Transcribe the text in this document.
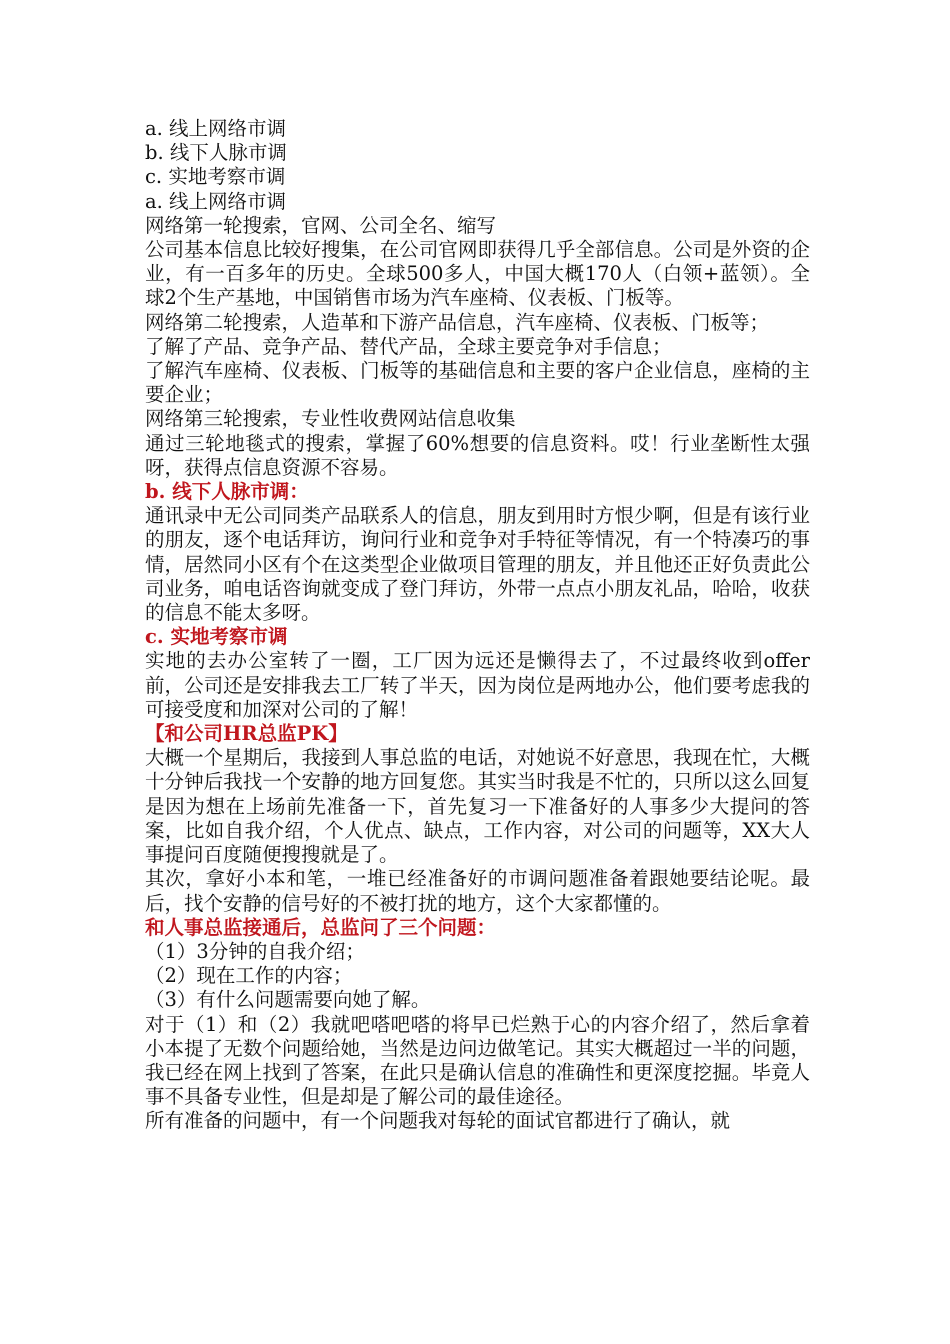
a. 线上网络市调

b. 线下人脉市调

c. 实地考察市调

a. 线上网络市调

网络第一轮搜索，官网、公司全名、缩写

公司基本信息比较好搜集，在公司官网即获得几乎全部信息。公司是外资的企业，有一百多年的历史。全球500多人，中国大概170人（白领+蓝领）。全球2个生产基地，中国销售市场为汽车座椅、仪表板、门板等。

网络第二轮搜索，人造革和下游产品信息，汽车座椅、仪表板、门板等；

了解了产品、竞争产品、替代产品，全球主要竞争对手信息；

了解汽车座椅、仪表板、门板等的基础信息和主要的客户企业信息，座椅的主要企业；

网络第三轮搜索，专业性收费网站信息收集

通过三轮地毯式的搜索，掌握了60%想要的信息资料。哎！行业垄断性太强呀，获得点信息资源不容易。

b. 线下人脉市调：

通讯录中无公司同类产品联系人的信息，朋友到用时方恨少啊，但是有该行业的朋友，逐个电话拜访，询问行业和竞争对手特征等情况，有一个特凑巧的事情，居然同小区有个在这类型企业做项目管理的朋友，并且他还正好负责此公司业务，咱电话咨询就变成了登门拜访，外带一点点小朋友礼品，哈哈，收获的信息不能太多呀。

c. 实地考察市调

实地的去办公室转了一圈，工厂因为远还是懒得去了，不过最终收到offer前，公司还是安排我去工厂转了半天，因为岗位是两地办公，他们要考虑我的可接受度和加深对公司的了解！

【和公司HR总监PK】

大概一个星期后，我接到人事总监的电话，对她说不好意思，我现在忙，大概十分钟后我找一个安静的地方回复您。其实当时我是不忙的，只所以这么回复是因为想在上场前先准备一下，首先复习一下准备好的人事多少大提问的答案，比如自我介绍，个人优点、缺点，工作内容，对公司的问题等，XX大人事提问百度随便搜搜就是了。

其次，拿好小本和笔，一堆已经准备好的市调问题准备着跟她要结论呢。最后，找个安静的信号好的不被打扰的地方，这个大家都懂的。

和人事总监接通后，总监问了三个问题：

（1）3分钟的自我介绍；

（2）现在工作的内容；

（3）有什么问题需要向她了解。

对于（1）和（2）我就吧嗒吧嗒的将早已烂熟于心的内容介绍了，然后拿着小本提了无数个问题给她，当然是边问边做笔记。其实大概超过一半的问题，我已经在网上找到了答案，在此只是确认信息的准确性和更深度挖掘。毕竟人事不具备专业性，但是却是了解公司的最佳途径。

所有准备的问题中，有一个问题我对每轮的面试官都进行了确认，就
